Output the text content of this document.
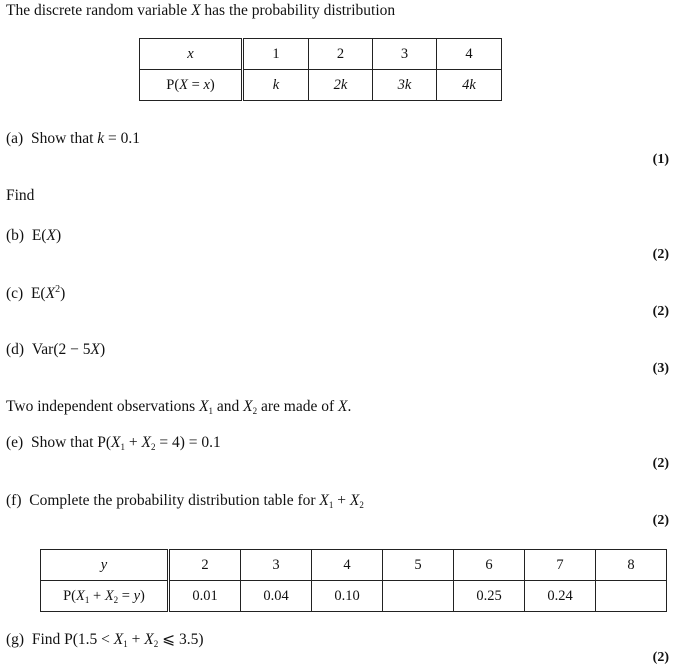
The discrete random variable X has the probability distribution
x	1	2	3	4
P(X = x)	k	2k	3k	4k
(a) Show that k = 0.1
(1)
Find
(b) E(X)
(2)
(c) $E(X^2)$
(2)
(d) Var(2 − 5X)
(3)
Two independent observations $X_1$ and $X_2$ are made of X.
(e) Show that $P(X_1 + X_2 = 4) = 0.1$
(2)
(f) Complete the probability distribution table for $X_1 + X_2$
(2)
y	2	3	4	5	6	7	8
$P(X_1 + X_2 = y)$	0.01	0.04	0.10		0.25	0.24	
(g) Find $P(1.5 < X_1 + X_2$ ⩽ 3.5)
(2)
